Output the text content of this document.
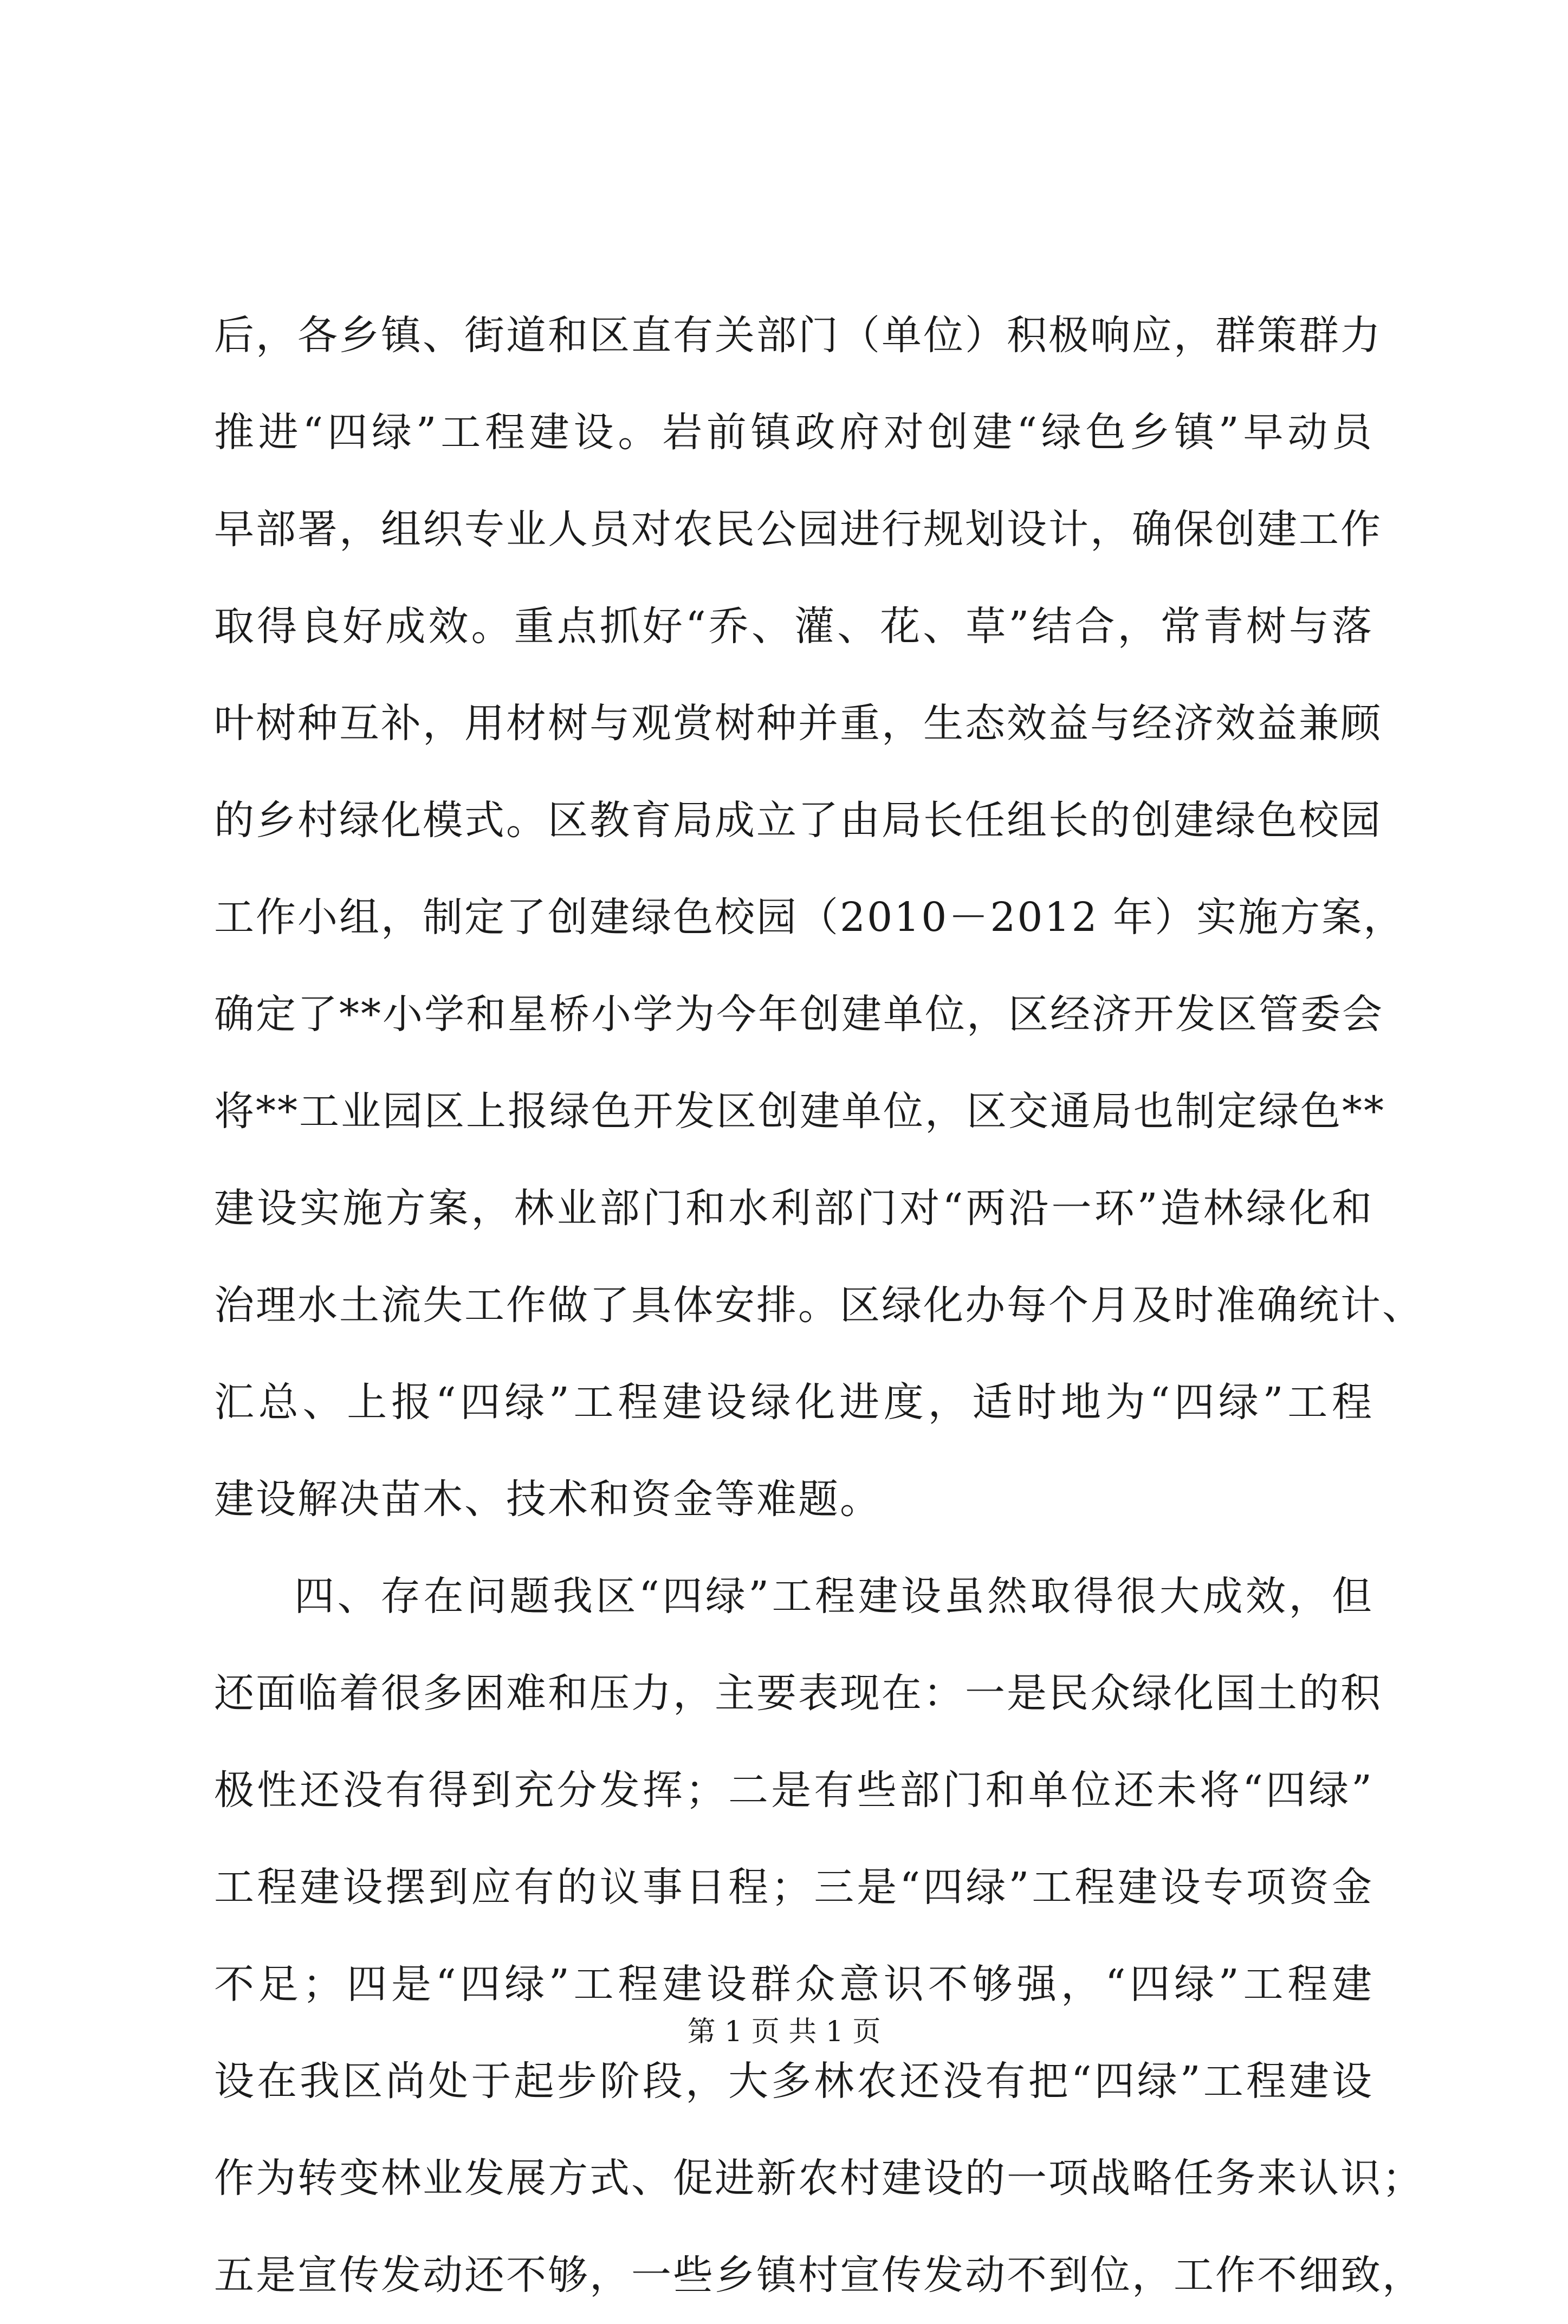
后，各乡镇、街道和区直有关部门（单位）积极响应，群策群力
推进“四绿”工程建设。岩前镇政府对创建“绿色乡镇”早动员
早部署，组织专业人员对农民公园进行规划设计，确保创建工作
取得良好成效。重点抓好“乔、灌、花、草”结合，常青树与落
叶树种互补，用材树与观赏树种并重，生态效益与经济效益兼顾
的乡村绿化模式。区教育局成立了由局长任组长的创建绿色校园
工作小组，制定了创建绿色校园（2010－2012 年）实施方案，
确定了**小学和星桥小学为今年创建单位，区经济开发区管委会
将**工业园区上报绿色开发区创建单位，区交通局也制定绿色**
建设实施方案，林业部门和水利部门对“两沿一环”造林绿化和
治理水土流失工作做了具体安排。区绿化办每个月及时准确统计、
汇总、上报“四绿”工程建设绿化进度，适时地为“四绿”工程
建设解决苗木、技术和资金等难题。
四、存在问题我区“四绿”工程建设虽然取得很大成效，但
还面临着很多困难和压力，主要表现在：一是民众绿化国土的积
极性还没有得到充分发挥；二是有些部门和单位还未将“四绿”
工程建设摆到应有的议事日程；三是“四绿”工程建设专项资金
不足；四是“四绿”工程建设群众意识不够强，“四绿”工程建
设在我区尚处于起步阶段，大多林农还没有把“四绿”工程建设
作为转变林业发展方式、促进新农村建设的一项战略任务来认识；
五是宣传发动还不够，一些乡镇村宣传发动不到位，工作不细致，
第 1 页 共 1 页
